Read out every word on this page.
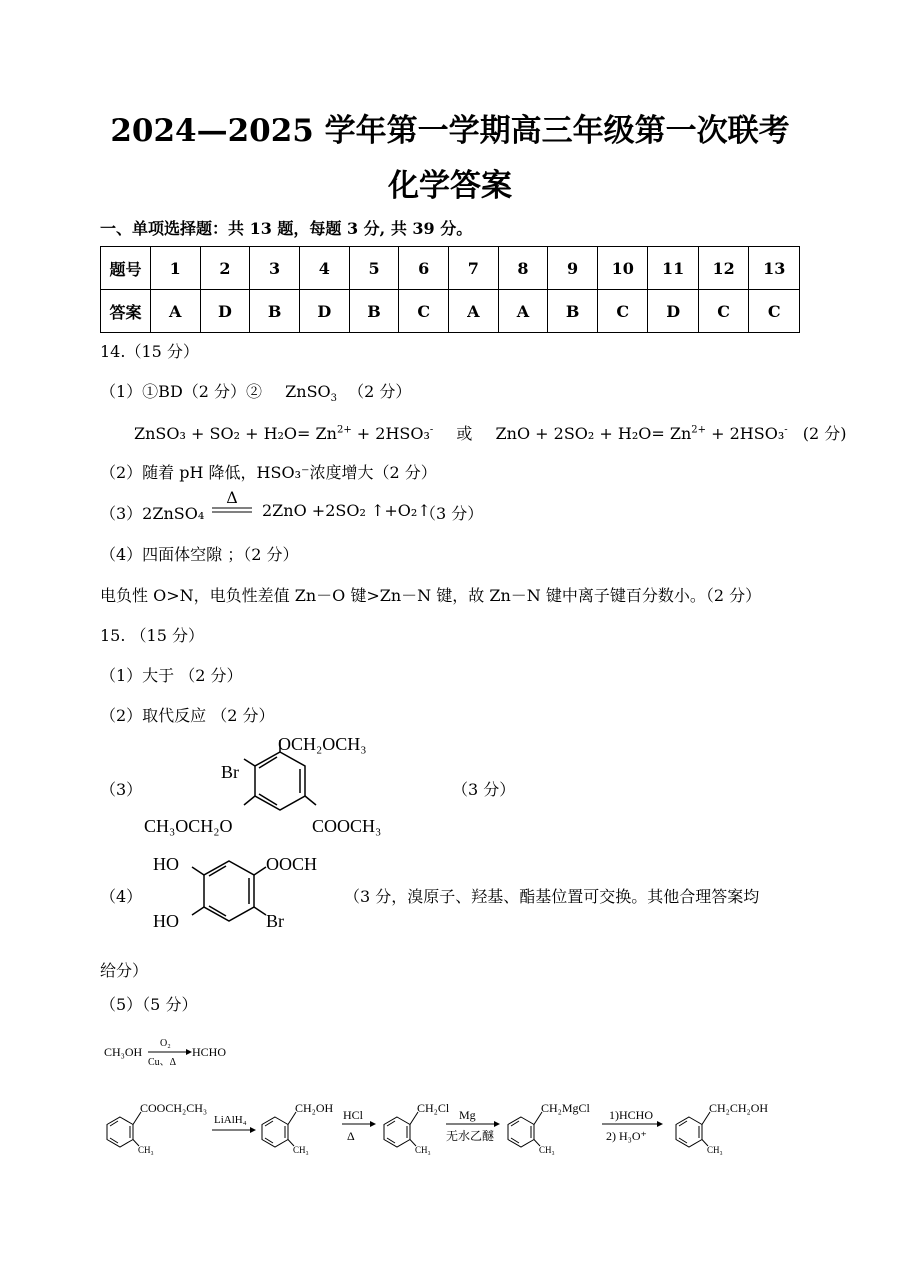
2024—2025 学年第一学期高三年级第一次联考
化学答案
一、单项选择题：共 13 题，每题 3 分, 共 39 分。
题号	1	2	3	4	5	6	7	8	9	10	11	12	13
答案	A	D	B	D	B	C	A	A	B	C	D	C	C
14.（15 分）
（1）①BD（2 分）② ZnSO$_3$ （2 分）
ZnSO₃ + $SO_2 + H_2O= Zn^{2+} + 2HSO_3^-$ 或 ZnO + $2SO_2 + H_2O= Zn^{2+} + 2HSO_3^-$ (2 分)
（2）随着 pH 降低，HSO₃⁻浓度增大（2 分）
（3）2ZnSO₄
Δ
2ZnO +2SO₂ ↑+O₂↑
（3 分）
（4）四面体空隙 ；（2 分）
电负性 O>N，电负性差值 Zn－O 键>Zn－N 键，故 Zn－N 键中离子键百分数小。（2 分）
15. （15 分）
（1）大于 （2 分）
（2）取代反应 （2 分）
（3）	（3 分）
OCH₂OCH₃
Br
CH₃OCH₂O	COOCH₃
（4）
HO
HO
OOCH
Br
（3 分，溴原子、羟基、酯基位置可交换。其他合理答案均
给分）
（5）（5 分）
CH₃OH
O₂
Cu、Δ
HCHO
COOCH₂CH₃
CH₃
LiAlH₄
CH₂OH
CH₃
HCl
Δ
CH₂Cl
CH₃
Mg
无水乙醚
CH₂MgCl
CH₃
1)HCHO
2) H₃O⁺
CH₂CH₂OH
CH₃
